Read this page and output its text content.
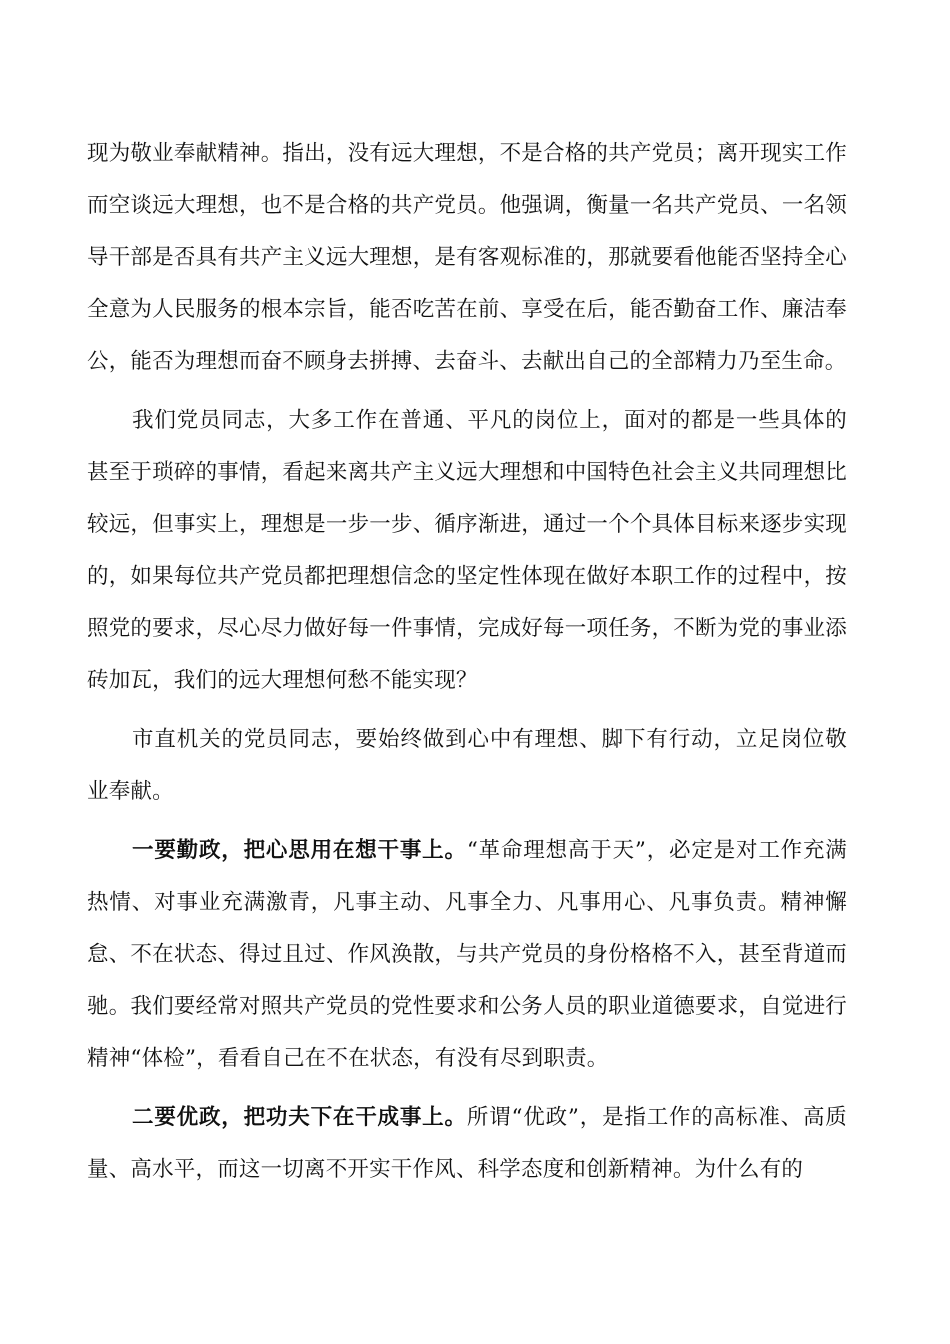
现为敬业奉献精神。指出，没有远大理想，不是合格的共产党员；离开现实工作而空谈远大理想，也不是合格的共产党员。他强调，衡量一名共产党员、一名领导干部是否具有共产主义远大理想，是有客观标准的，那就要看他能否坚持全心全意为人民服务的根本宗旨，能否吃苦在前、享受在后，能否勤奋工作、廉洁奉公，能否为理想而奋不顾身去拼搏、去奋斗、去献出自己的全部精力乃至生命。

我们党员同志，大多工作在普通、平凡的岗位上，面对的都是一些具体的甚至于琐碎的事情，看起来离共产主义远大理想和中国特色社会主义共同理想比较远，但事实上，理想是一步一步、循序渐进，通过一个个具体目标来逐步实现的，如果每位共产党员都把理想信念的坚定性体现在做好本职工作的过程中，按照党的要求，尽心尽力做好每一件事情，完成好每一项任务，不断为党的事业添砖加瓦，我们的远大理想何愁不能实现？

市直机关的党员同志，要始终做到心中有理想、脚下有行动，立足岗位敬业奉献。

一要勤政，把心思用在想干事上。“革命理想高于天”，必定是对工作充满热情、对事业充满激青，凡事主动、凡事全力、凡事用心、凡事负责。精神懈怠、不在状态、得过且过、作风涣散，与共产党员的身份格格不入，甚至背道而驰。我们要经常对照共产党员的党性要求和公务人员的职业道德要求，自觉进行精神“体检”，看看自己在不在状态，有没有尽到职责。

二要优政，把功夫下在干成事上。所谓“优政”，是指工作的高标准、高质量、高水平，而这一切离不开实干作风、科学态度和创新精神。为什么有的
